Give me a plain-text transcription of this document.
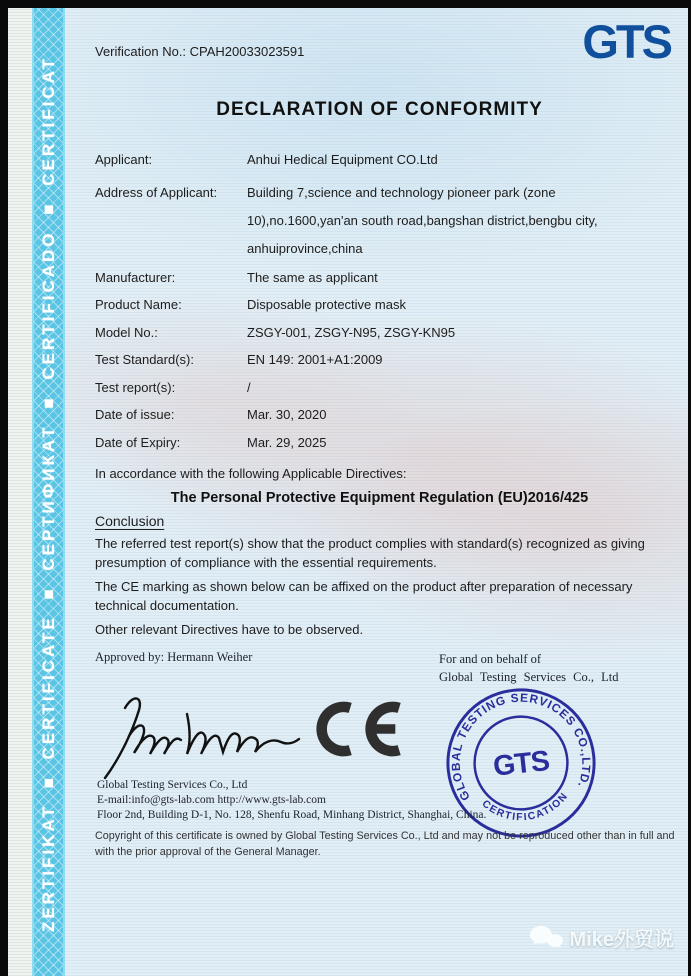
ZERTIFIKAT ■ CERTIFICATE ■ СЕРТИФИКАТ ■ CERTIFICADO ■ CERTIFICAT
Verification No.: CPAH20033023591	GTS
DECLARATION OF CONFORMITY
Applicant:	Anhui Hedical Equipment CO.Ltd
Address of Applicant:	Building 7,science and technology pioneer park (zone
10),no.1600,yan'an south road,bangshan district,bengbu city,
anhuiprovince,china
Manufacturer:	The same as applicant
Product Name:	Disposable protective mask
Model No.:	ZSGY-001, ZSGY-N95, ZSGY-KN95
Test Standard(s):	EN 149: 2001+A1:2009
Test report(s):	/
Date of issue:	Mar. 30, 2020
Date of Expiry:	Mar. 29, 2025
In accordance with the following Applicable Directives:
The Personal Protective Equipment Regulation (EU)2016/425
Conclusion
The referred test report(s) show that the product complies with standard(s) recognized as giving presumption of compliance with the essential requirements.
The CE marking as shown below can be affixed on the product after preparation of necessary technical documentation.
Other relevant Directives have to be observed.
Approved by: Hermann Weiher	For and on behalf of
Global Testing Services Co., Ltd
GLOBAL TESTING SERVICES CO.,LTD.
CERTIFICATION
GTS
Global Testing Services Co., Ltd
E-mail:info@gts-lab.com http://www.gts-lab.com
Floor 2nd, Building D-1, No. 128, Shenfu Road, Minhang District, Shanghai, China.
Copyright of this certificate is owned by Global Testing Services Co., Ltd and may not be reproduced other than in full and with the prior approval of the General Manager.
Mike外贸说
